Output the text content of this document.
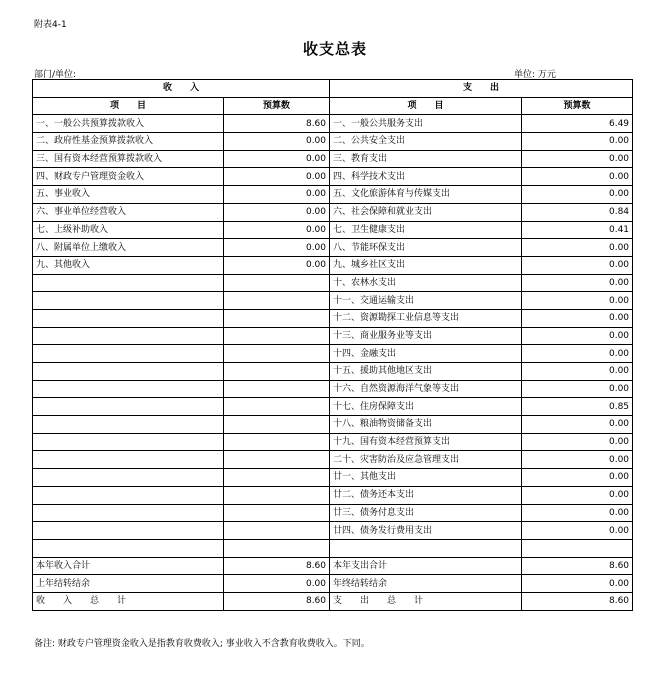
附表4-1
收支总表
部门/单位:	单位: 万元
收　　入		支　　出	
项　　目	预算数	项　　目	预算数
一、一般公共预算拨款收入	8.60	一、一般公共服务支出	6.49
二、政府性基金预算拨款收入	0.00	二、公共安全支出	0.00
三、国有资本经营预算拨款收入	0.00	三、教育支出	0.00
四、财政专户管理资金收入	0.00	四、科学技术支出	0.00
五、事业收入	0.00	五、文化旅游体育与传媒支出	0.00
六、事业单位经营收入	0.00	六、社会保障和就业支出	0.84
七、上级补助收入	0.00	七、卫生健康支出	0.41
八、附属单位上缴收入	0.00	八、节能环保支出	0.00
九、其他收入	0.00	九、城乡社区支出	0.00
		十、农林水支出	0.00
		十一、交通运输支出	0.00
		十二、资源勘探工业信息等支出	0.00
		十三、商业服务业等支出	0.00
		十四、金融支出	0.00
		十五、援助其他地区支出	0.00
		十六、自然资源海洋气象等支出	0.00
		十七、住房保障支出	0.85
		十八、粮油物资储备支出	0.00
		十九、国有资本经营预算支出	0.00
		二十、灾害防治及应急管理支出	0.00
		廿一、其他支出	0.00
		廿二、债务还本支出	0.00
		廿三、债务付息支出	0.00
		廿四、债务发行费用支出	0.00

本年收入合计	8.60	本年支出合计	8.60
上年结转结余	0.00	年终结转结余	0.00
收　　入　　总　　计	8.60	支　　出　　总　　计	8.60
备注: 财政专户管理资金收入是指教育收费收入; 事业收入不含教育收费收入。下同。
